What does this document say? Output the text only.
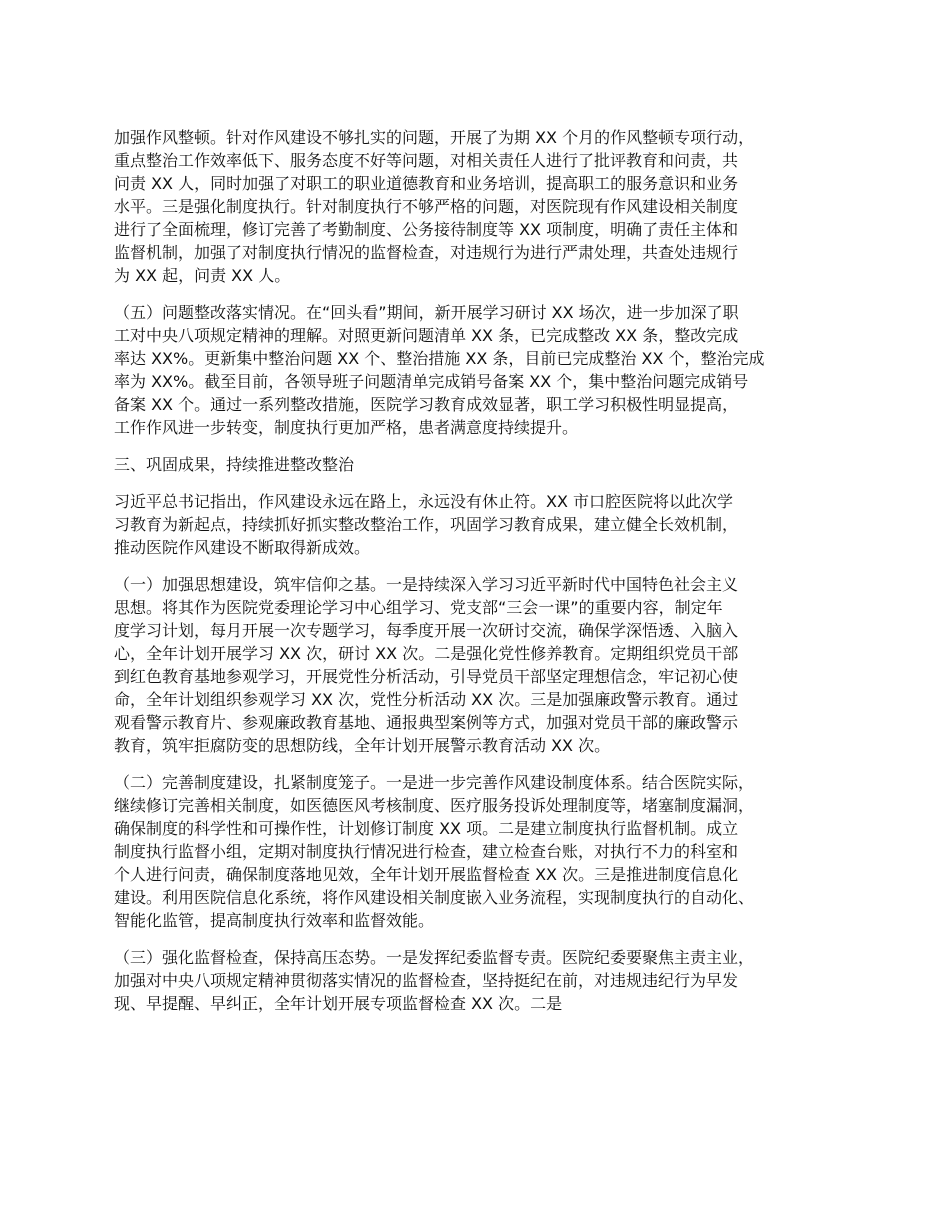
加强作风整顿。针对作风建设不够扎实的问题，开展了为期 XX 个月的作风整顿专项行动，
重点整治工作效率低下、服务态度不好等问题，对相关责任人进行了批评教育和问责，共
问责 XX 人，同时加强了对职工的职业道德教育和业务培训，提高职工的服务意识和业务
水平。三是强化制度执行。针对制度执行不够严格的问题，对医院现有作风建设相关制度
进行了全面梳理，修订完善了考勤制度、公务接待制度等 XX 项制度，明确了责任主体和
监督机制，加强了对制度执行情况的监督检查，对违规行为进行严肃处理，共查处违规行
为 XX 起，问责 XX 人。
（五）问题整改落实情况。在“回头看”期间，新开展学习研讨 XX 场次，进一步加深了职
工对中央八项规定精神的理解。对照更新问题清单 XX 条，已完成整改 XX 条，整改完成
率达 XX%。更新集中整治问题 XX 个、整治措施 XX 条，目前已完成整治 XX 个，整治完成
率为 XX%。截至目前，各领导班子问题清单完成销号备案 XX 个，集中整治问题完成销号
备案 XX 个。通过一系列整改措施，医院学习教育成效显著，职工学习积极性明显提高，
工作作风进一步转变，制度执行更加严格，患者满意度持续提升。
三、巩固成果，持续推进整改整治
习近平总书记指出，作风建设永远在路上，永远没有休止符。XX 市口腔医院将以此次学
习教育为新起点，持续抓好抓实整改整治工作，巩固学习教育成果，建立健全长效机制，
推动医院作风建设不断取得新成效。
（一）加强思想建设，筑牢信仰之基。一是持续深入学习习近平新时代中国特色社会主义
思想。将其作为医院党委理论学习中心组学习、党支部“三会一课”的重要内容，制定年
度学习计划，每月开展一次专题学习，每季度开展一次研讨交流，确保学深悟透、入脑入
心，全年计划开展学习 XX 次，研讨 XX 次。二是强化党性修养教育。定期组织党员干部
到红色教育基地参观学习，开展党性分析活动，引导党员干部坚定理想信念，牢记初心使
命，全年计划组织参观学习 XX 次，党性分析活动 XX 次。三是加强廉政警示教育。通过
观看警示教育片、参观廉政教育基地、通报典型案例等方式，加强对党员干部的廉政警示
教育，筑牢拒腐防变的思想防线，全年计划开展警示教育活动 XX 次。
（二）完善制度建设，扎紧制度笼子。一是进一步完善作风建设制度体系。结合医院实际，
继续修订完善相关制度，如医德医风考核制度、医疗服务投诉处理制度等，堵塞制度漏洞，
确保制度的科学性和可操作性，计划修订制度 XX 项。二是建立制度执行监督机制。成立
制度执行监督小组，定期对制度执行情况进行检查，建立检查台账，对执行不力的科室和
个人进行问责，确保制度落地见效，全年计划开展监督检查 XX 次。三是推进制度信息化
建设。利用医院信息化系统，将作风建设相关制度嵌入业务流程，实现制度执行的自动化、
智能化监管，提高制度执行效率和监督效能。
（三）强化监督检查，保持高压态势。一是发挥纪委监督专责。医院纪委要聚焦主责主业，
加强对中央八项规定精神贯彻落实情况的监督检查，坚持挺纪在前，对违规违纪行为早发
现、早提醒、早纠正，全年计划开展专项监督检查 XX 次。二是
